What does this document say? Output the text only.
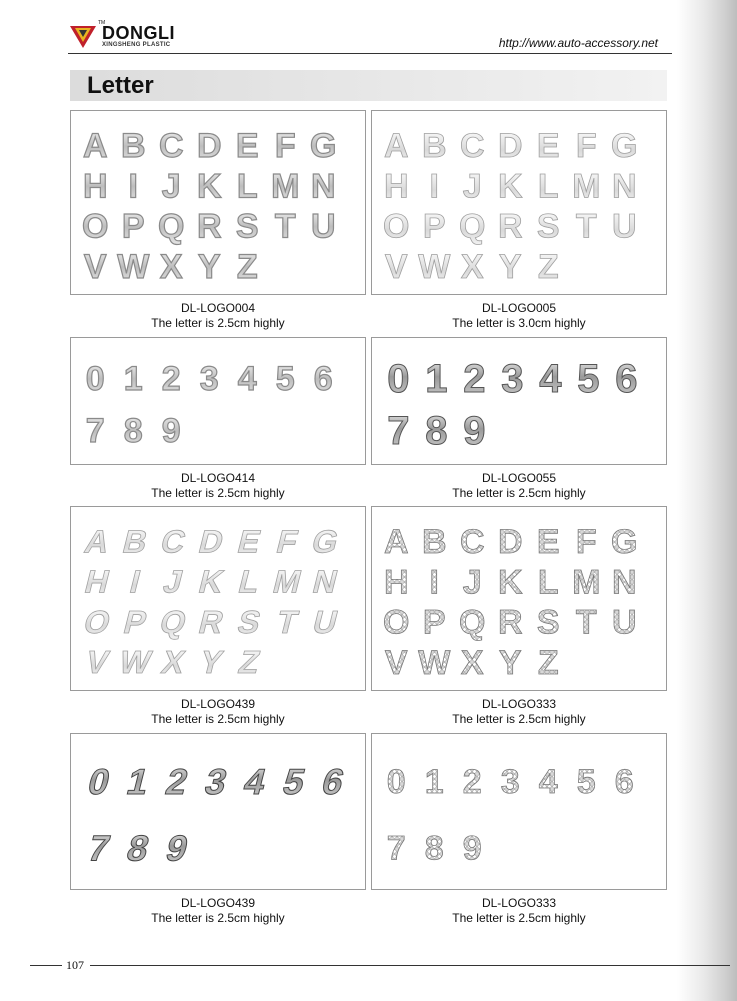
TM
DONGLI
XINGSHENG PLASTIC	http://www.auto-accessory.net
Letter
A B C D E F G
H I J K L M N
O P Q R S T U
V W X Y Z
DL-LOGO004
The letter is 2.5cm highly
A B C D E F G
H I J K L M N
O P Q R S T U
V W X Y Z
DL-LOGO005
The letter is 3.0cm highly
0 1 2 3 4 5 6
7 8 9
DL-LOGO414
The letter is 2.5cm highly
0 1 2 3 4 5 6
7 8 9
DL-LOGO055
The letter is 2.5cm highly
A B C D E F G
H I J K L M N
O P Q R S T U
V W X Y Z
DL-LOGO439
The letter is 2.5cm highly
A B C D E F G
H I J K L M N
O P Q R S T U
V W X Y Z
DL-LOGO333
The letter is 2.5cm highly
0 1 2 3 4 5 6
7 8 9
DL-LOGO439
The letter is 2.5cm highly
0 1 2 3 4 5 6
7 8 9
DL-LOGO333
The letter is 2.5cm highly
107
